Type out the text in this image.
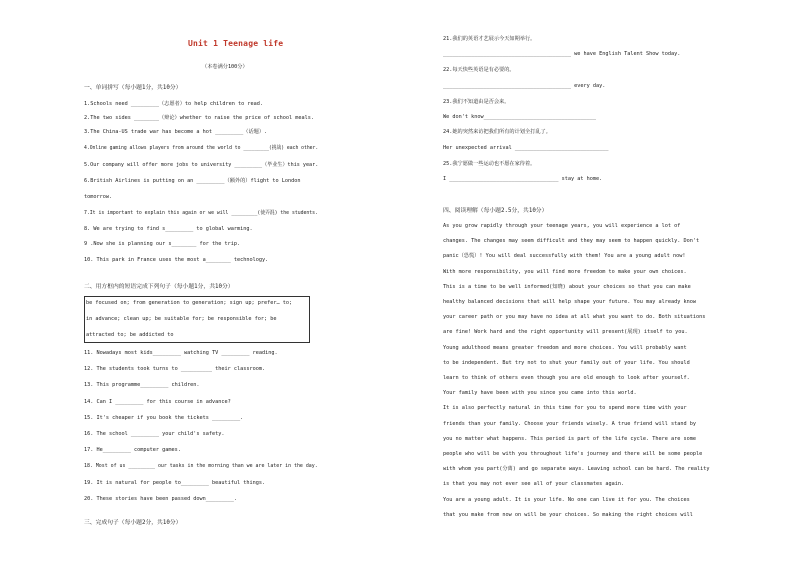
Unit 1 Teenage life
（本卷满分100分）
一、单词拼写（每小题1分，共10分）
二、用方框内的短语完成下列句子（每小题1分，共10分）
三、完成句子（每小题2分，共10分）
四、阅读理解（每小题2.5分，共10分）
1.Schools need _________（志愿者）to help children to read.
2.The two sides ________（辩论）whether to raise the price of school meals.
3.The China-US trade war has become a hot _________（话题）.
4.Online gaming allows players from around the world to _________(挑战) each other.
5.Our company will offer more jobs to university _________（毕业生）this year.
6.British Airlines is putting on an _________（额外的）flight to London
tomorrow.
7.It is important to explain this again or we will _________(使弄混) the students.
8. We are trying to find s_________ to global warming.
9 .Now she is planning our s________ for the trip.
10. This park in France uses the most a________ technology.
be focused on; from generation to generation; sign up; prefer… to;
in advance; clean up; be suitable for; be responsible for; be
attracted to; be addicted to
11. Nowadays most kids_________ watching TV _________ reading.
12. The students took turns to __________ their classroom.
13. This programme_________ children.
14. Can I _________ for this course in advance?
15. It's cheaper if you book the tickets _________.
16. The school _________ your child's safety.
17. He_________ computer games.
18. Most of us _________ our tasks in the morning than we are later in the day.
19. It is natural for people to_________ beautiful things.
20. These stories have been passed down_________.
21.我们的英语才艺展示今天如期举行。
_________________________________________ we have English Talent Show today.
22.每天快些英语是有必要的。
_________________________________________ every day.
23.我们不知道由是否会来。
We don't know____________________________________
24.她的突然来访把我们所有的计划全打乱了。
Her unexpected arrival ______________________________
25.我宁愿做一些运动也不愿在家待着。
I ___________________________________ stay at home.
As you grow rapidly through your teenage years, you will experience a lot of
changes. The changes may seem difficult and they may seem to happen quickly. Don't
panic（恐慌）! You will deal successfully with them! You are a young adult now!
With more responsibility, you will find more freedom to make your own choices.
This is a time to be well informed(知晓) about your choices so that you can make
healthy balanced decisions that will help shape your future. You may already know
your career path or you may have no idea at all what you want to do. Both situations
are fine! Work hard and the right opportunity will present(展现) itself to you.
Young adulthood means greater freedom and more choices. You will probably want
to be independent. But try not to shut your family out of your life. You should
learn to think of others even though you are old enough to look after yourself.
Your family have been with you since you came into this world.
It is also perfectly natural in this time for you to spend more time with your
friends than your family. Choose your friends wisely. A true friend will stand by
you no matter what happens. This period is part of the life cycle. There are some
people who will be with you throughout life's journey and there will be some people
with whom you part(分离) and go separate ways. Leaving school can be hard. The reality
is that you may not ever see all of your classmates again.
You are a young adult. It is your life. No one can live it for you. The choices
that you make from now on will be your choices. So making the right choices will
